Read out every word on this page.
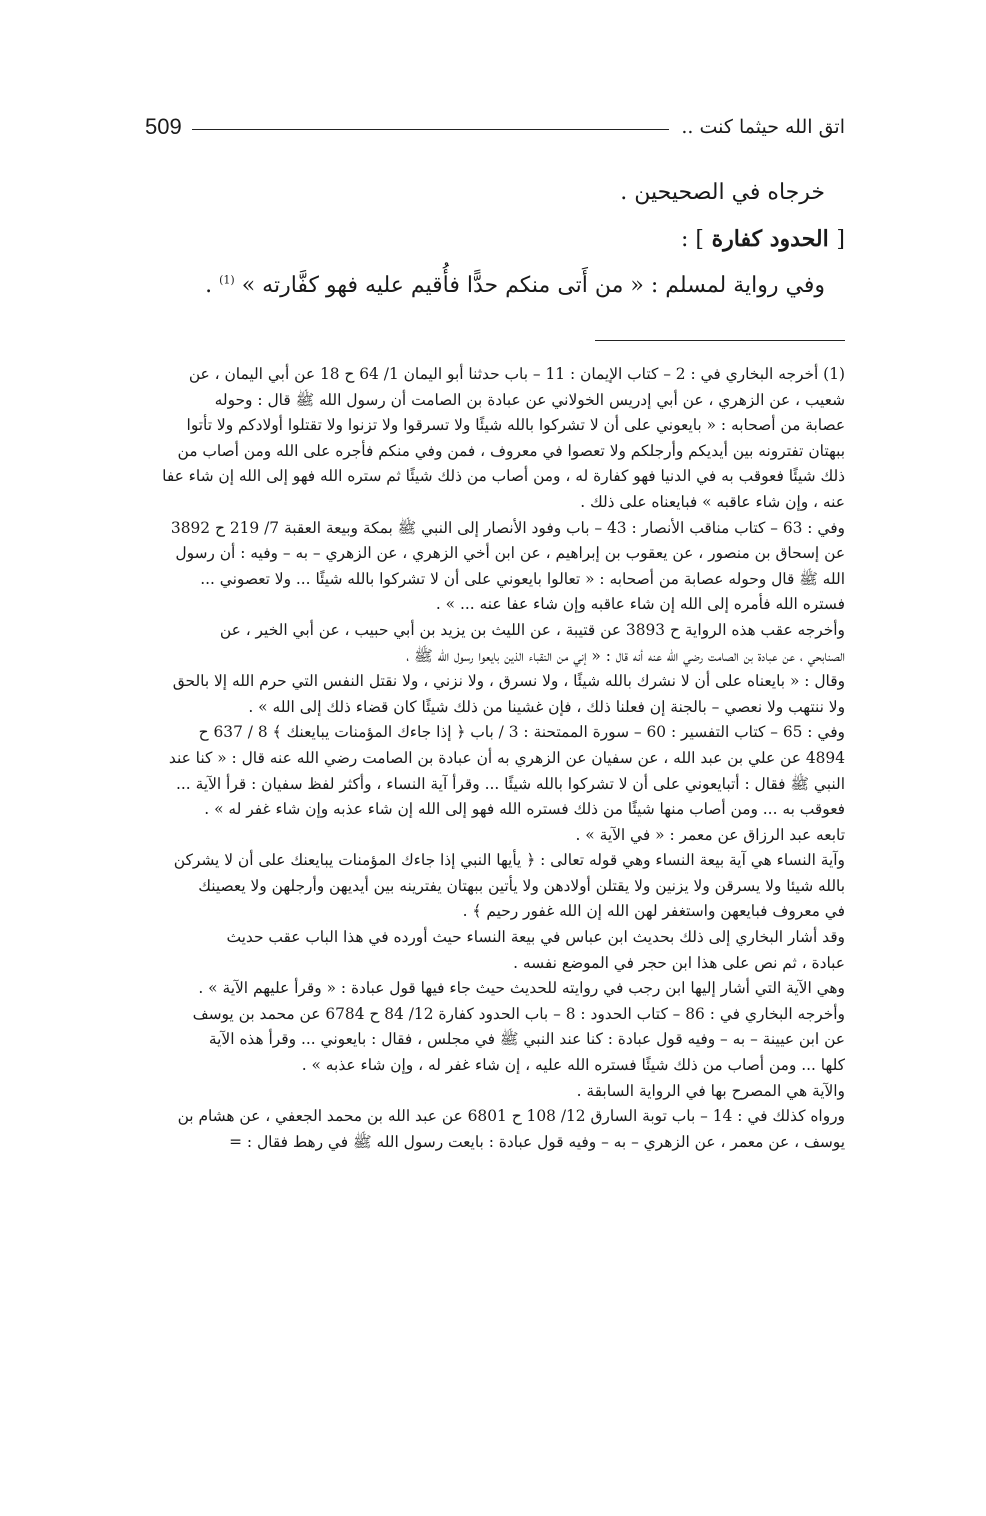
اتق الله حيثما كنت ..
509

خرجاه في الصحيحين .

[ الحدود كفارة ] :

وفي رواية لمسلم : « من أَتى منكم حدًّا فأُقيم عليه فهو كفَّارته » $^{(1)}$ .

(1) أخرجه البخاري في : 2 – كتاب الإيمان : 11 – باب حدثنا أبو اليمان 1/ 64 ح 18 عن أبي اليمان ، عن

شعيب ، عن الزهري ، عن أبي إدريس الخولاني عن عبادة بن الصامت أن رسول الله ﷺ قال : وحوله

عصابة من أصحابه : « بايعوني على أن لا تشركوا بالله شيئًا ولا تسرقوا ولا تزنوا ولا تقتلوا أولادكم ولا تأتوا

ببهتان تفترونه بين أيديكم وأرجلكم ولا تعصوا في معروف ، فمن وفي منكم فأجره على الله ومن أصاب من

ذلك شيئًا فعوقب به في الدنيا فهو كفارة له ، ومن أصاب من ذلك شيئًا ثم ستره الله فهو إلى الله إن شاء عفا

عنه ، وإن شاء عاقبه » فبايعناه على ذلك .

وفي : 63 – كتاب مناقب الأنصار : 43 – باب وفود الأنصار إلى النبي ﷺ بمكة وبيعة العقبة 7/ 219 ح 3892

عن إسحاق بن منصور ، عن يعقوب بن إبراهيم ، عن ابن أخي الزهري ، عن الزهري – به – وفيه : أن رسول

الله ﷺ قال وحوله عصابة من أصحابه : « تعالوا بايعوني على أن لا تشركوا بالله شيئًا ... ولا تعصوني ...

فستره الله فأمره إلى الله إن شاء عاقبه وإن شاء عفا عنه ... » .

وأخرجه عقب هذه الرواية ح 3893 عن قتيبة ، عن الليث بن يزيد بن أبي حبيب ، عن أبي الخير ، عن

الصنابحي ، عن عبادة بن الصامت رضي الله عنه أنه قال : « إني من النقباء الذين بايعوا رسول الله ﷺ ،

وقال : « بايعناه على أن لا نشرك بالله شيئًا ، ولا نسرق ، ولا نزني ، ولا نقتل النفس التي حرم الله إلا بالحق

ولا ننتهب ولا نعصي – بالجنة إن فعلنا ذلك ، فإن غشينا من ذلك شيئًا كان قضاء ذلك إلى الله » .

وفي : 65 – كتاب التفسير : 60 – سورة الممتحنة : 3 / باب ﴿ إذا جاءك المؤمنات يبايعنك ﴾ 8 / 637 ح

4894 عن علي بن عبد الله ، عن سفيان عن الزهري به أن عبادة بن الصامت رضي الله عنه قال : « كنا عند

النبي ﷺ فقال : أتبايعوني على أن لا تشركوا بالله شيئًا ... وقرأ آية النساء ، وأكثر لفظ سفيان : قرأ الآية ...

فعوقب به ... ومن أصاب منها شيئًا من ذلك فستره الله فهو إلى الله إن شاء عذبه وإن شاء غفر له » .

تابعه عبد الرزاق عن معمر : « في الآية » .

وآية النساء هي آية بيعة النساء وهي قوله تعالى : ﴿ يأيها النبي إذا جاءك المؤمنات يبايعنك على أن لا يشركن

بالله شيئا ولا يسرقن ولا يزنين ولا يقتلن أولادهن ولا يأتين ببهتان يفترينه بين أيديهن وأرجلهن ولا يعصينك

في معروف فبايعهن واستغفر لهن الله إن الله غفور رحيم ﴾ .

وقد أشار البخاري إلى ذلك بحديث ابن عباس في بيعة النساء حيث أورده في هذا الباب عقب حديث

عبادة ، ثم نص على هذا ابن حجر في الموضع نفسه .

وهي الآية التي أشار إليها ابن رجب في روايته للحديث حيث جاء فيها قول عبادة : « وقرأ عليهم الآية » .

وأخرجه البخاري في : 86 – كتاب الحدود : 8 – باب الحدود كفارة 12/ 84 ح 6784 عن محمد بن يوسف

عن ابن عيينة – به – وفيه قول عبادة : كنا عند النبي ﷺ في مجلس ، فقال : بايعوني ... وقرأ هذه الآية

كلها ... ومن أصاب من ذلك شيئًا فستره الله عليه ، إن شاء غفر له ، وإن شاء عذبه » .

والآية هي المصرح بها في الرواية السابقة .

ورواه كذلك في : 14 – باب توبة السارق 12/ 108 ح 6801 عن عبد الله بن محمد الجعفي ، عن هشام بن

يوسف ، عن معمر ، عن الزهري – به – وفيه قول عبادة : بايعت رسول الله ﷺ في رهط فقال : =
